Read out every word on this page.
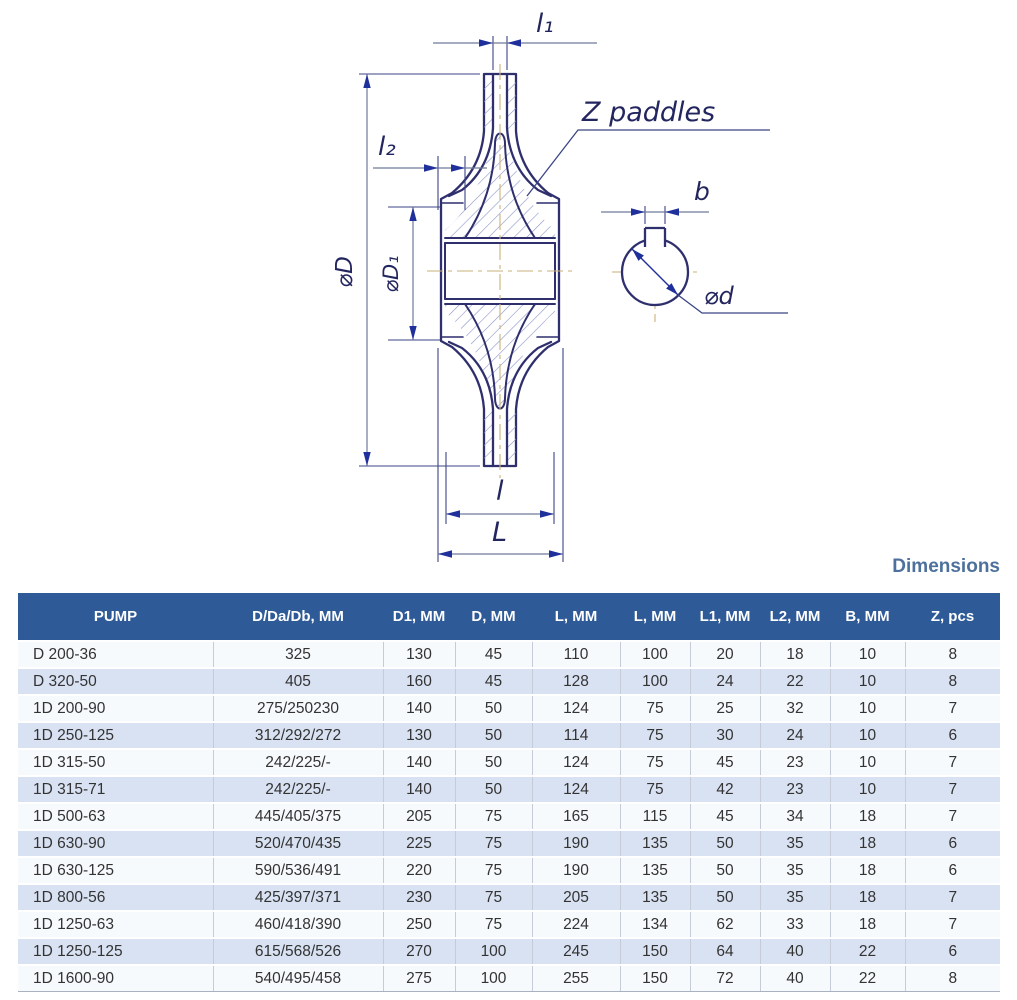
l₁
⌀D
l₂
⌀D₁
l
L
Z paddles
b
⌀d
Dimensions
PUMP	D/Da/Db, MM	D1, MM	D, MM	L, MM	L, MM	L1, MM	L2, MM	B, MM	Z, pcs
D 200-36	325	130	45	110	100	20	18	10	8
D 320-50	405	160	45	128	100	24	22	10	8
1D 200-90	275/250230	140	50	124	75	25	32	10	7
1D 250-125	312/292/272	130	50	114	75	30	24	10	6
1D 315-50	242/225/-	140	50	124	75	45	23	10	7
1D 315-71	242/225/-	140	50	124	75	42	23	10	7
1D 500-63	445/405/375	205	75	165	115	45	34	18	7
1D 630-90	520/470/435	225	75	190	135	50	35	18	6
1D 630-125	590/536/491	220	75	190	135	50	35	18	6
1D 800-56	425/397/371	230	75	205	135	50	35	18	7
1D 1250-63	460/418/390	250	75	224	134	62	33	18	7
1D 1250-125	615/568/526	270	100	245	150	64	40	22	6
1D 1600-90	540/495/458	275	100	255	150	72	40	22	8
